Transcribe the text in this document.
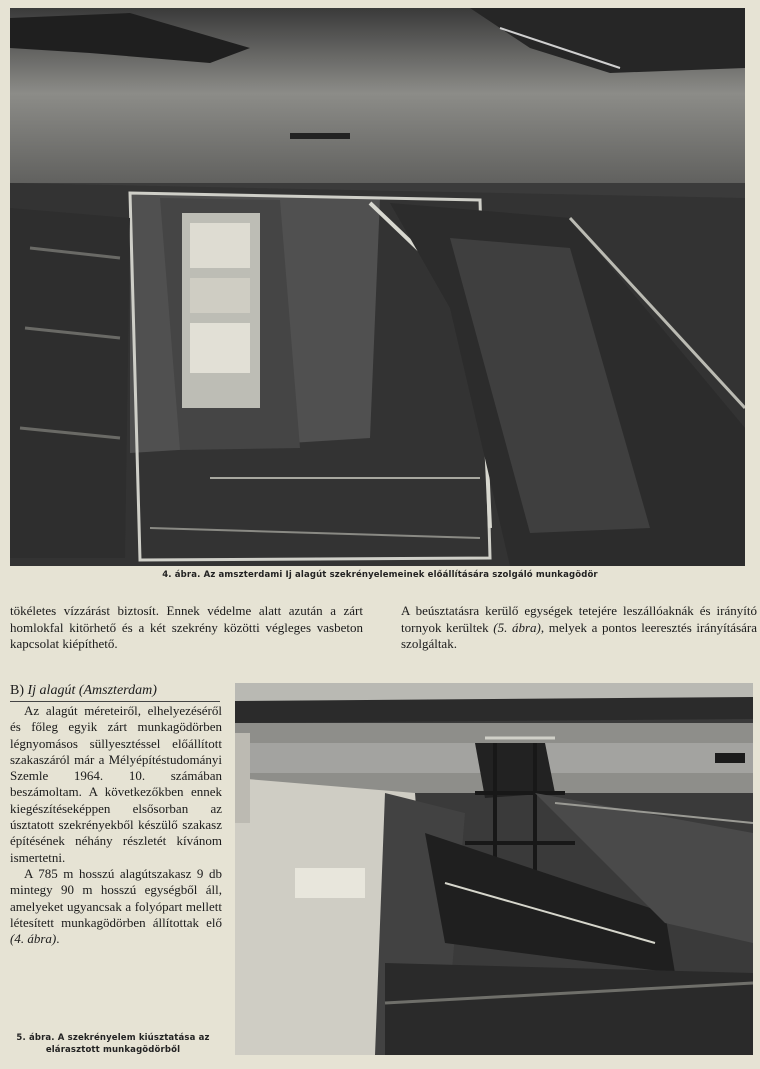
4. ábra. Az amszterdami Ij alagút szekrényelemeinek előállítására szolgáló munkagödör

tökéletes vízzárást biztosít. Ennek védelme alatt azután a zárt homlokfal kitörhető és a két szekrény közötti végleges vasbeton kapcsolat kiépíthető.

A beúsztatásra kerülő egységek tetejére leszállóaknák és irányító tornyok kerültek (5. ábra), melyek a pontos leeresztés irányítására szolgáltak.

B) Ij alagút (Amszterdam)

Az alagút méreteiről, elhelyezéséről és főleg egyik zárt munkagödörben légnyomásos süllyesztéssel előállított szakaszáról már a Mélyépítéstudományi Szemle 1964. 10. számában beszámoltam. A következőkben ennek kiegészítéseképpen elsősorban az úsztatott szekrényekből készülő szakasz építésének néhány részletét kívánom ismertetni.

A 785 m hosszú alagútszakasz 9 db mintegy 90 m hosszú egységből áll, amelyeket ugyancsak a folyópart mellett létesített munkagödörben állítottak elő (4. ábra).

5. ábra. A szekrényelem kiúsztatása az
elárasztott munkagödörből
